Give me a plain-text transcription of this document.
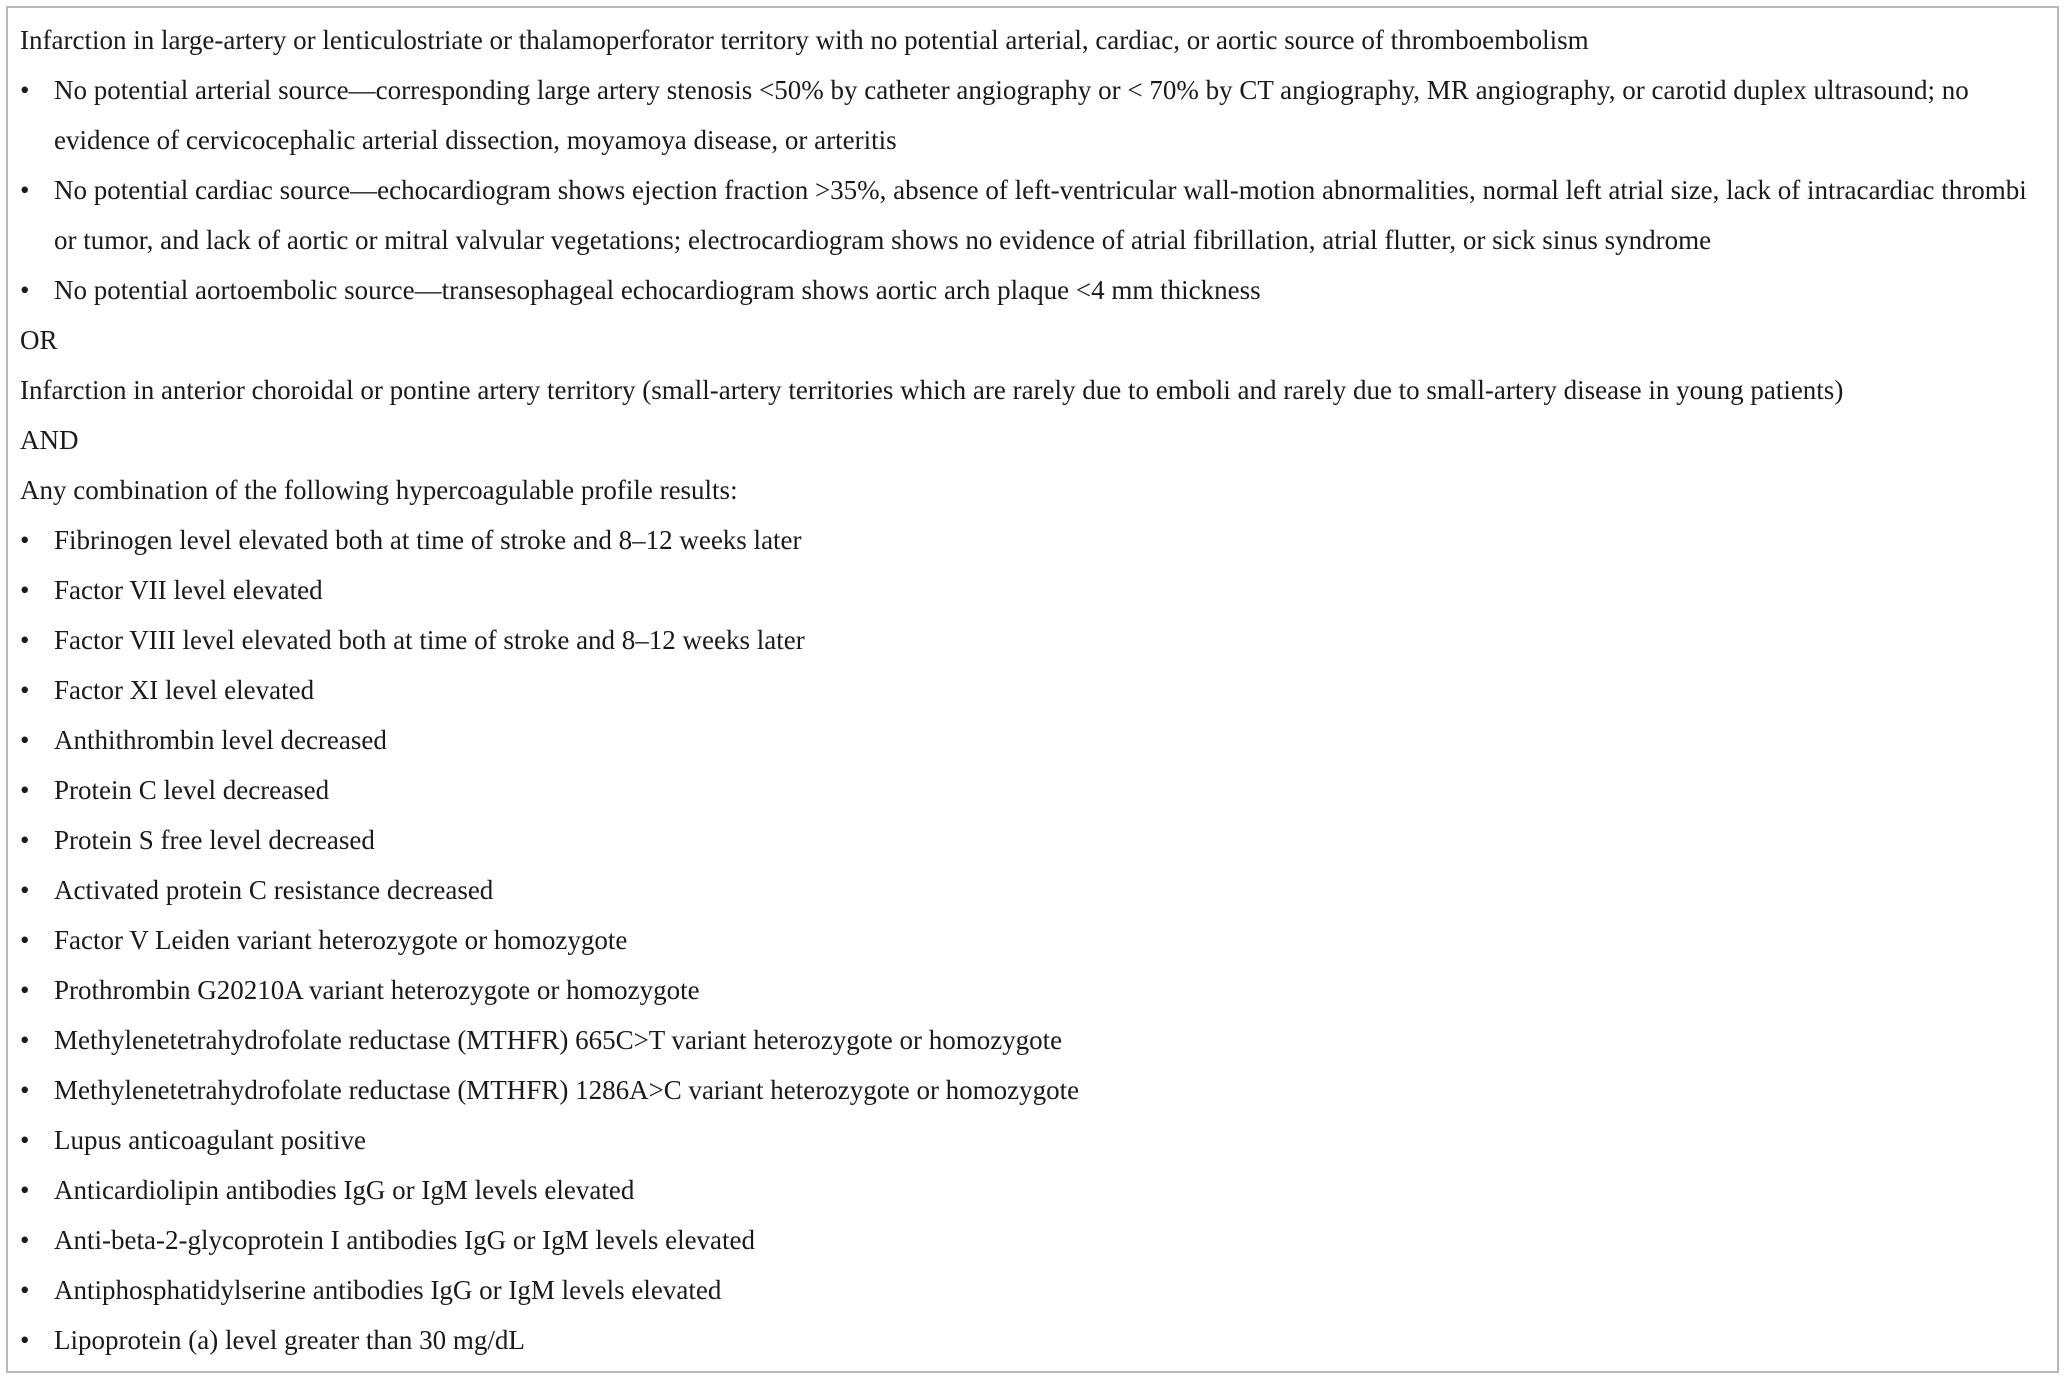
Infarction in large-artery or lenticulostriate or thalamoperforator territory with no potential arterial, cardiac, or aortic source of thromboembolism

• No potential arterial source—corresponding large artery stenosis <50% by catheter angiography or < 70% by CT angiography, MR angiography, or carotid duplex ultrasound; no evidence of cervicocephalic arterial dissection, moyamoya disease, or arteritis
• No potential cardiac source—echocardiogram shows ejection fraction >35%, absence of left-ventricular wall-motion abnormalities, normal left atrial size, lack of intracardiac thrombi or tumor, and lack of aortic or mitral valvular vegetations; electrocardiogram shows no evidence of atrial fibrillation, atrial flutter, or sick sinus syndrome
• No potential aortoembolic source—transesophageal echocardiogram shows aortic arch plaque <4 mm thickness

OR

Infarction in anterior choroidal or pontine artery territory (small-artery territories which are rarely due to emboli and rarely due to small-artery disease in young patients)

AND

Any combination of the following hypercoagulable profile results:

• Fibrinogen level elevated both at time of stroke and 8–12 weeks later
• Factor VII level elevated
• Factor VIII level elevated both at time of stroke and 8–12 weeks later
• Factor XI level elevated
• Anthithrombin level decreased
• Protein C level decreased
• Protein S free level decreased
• Activated protein C resistance decreased
• Factor V Leiden variant heterozygote or homozygote
• Prothrombin G20210A variant heterozygote or homozygote
• Methylenetetrahydrofolate reductase (MTHFR) 665C>T variant heterozygote or homozygote
• Methylenetetrahydrofolate reductase (MTHFR) 1286A>C variant heterozygote or homozygote
• Lupus anticoagulant positive
• Anticardiolipin antibodies IgG or IgM levels elevated
• Anti-beta-2-glycoprotein I antibodies IgG or IgM levels elevated
• Antiphosphatidylserine antibodies IgG or IgM levels elevated
• Lipoprotein (a) level greater than 30 mg/dL
